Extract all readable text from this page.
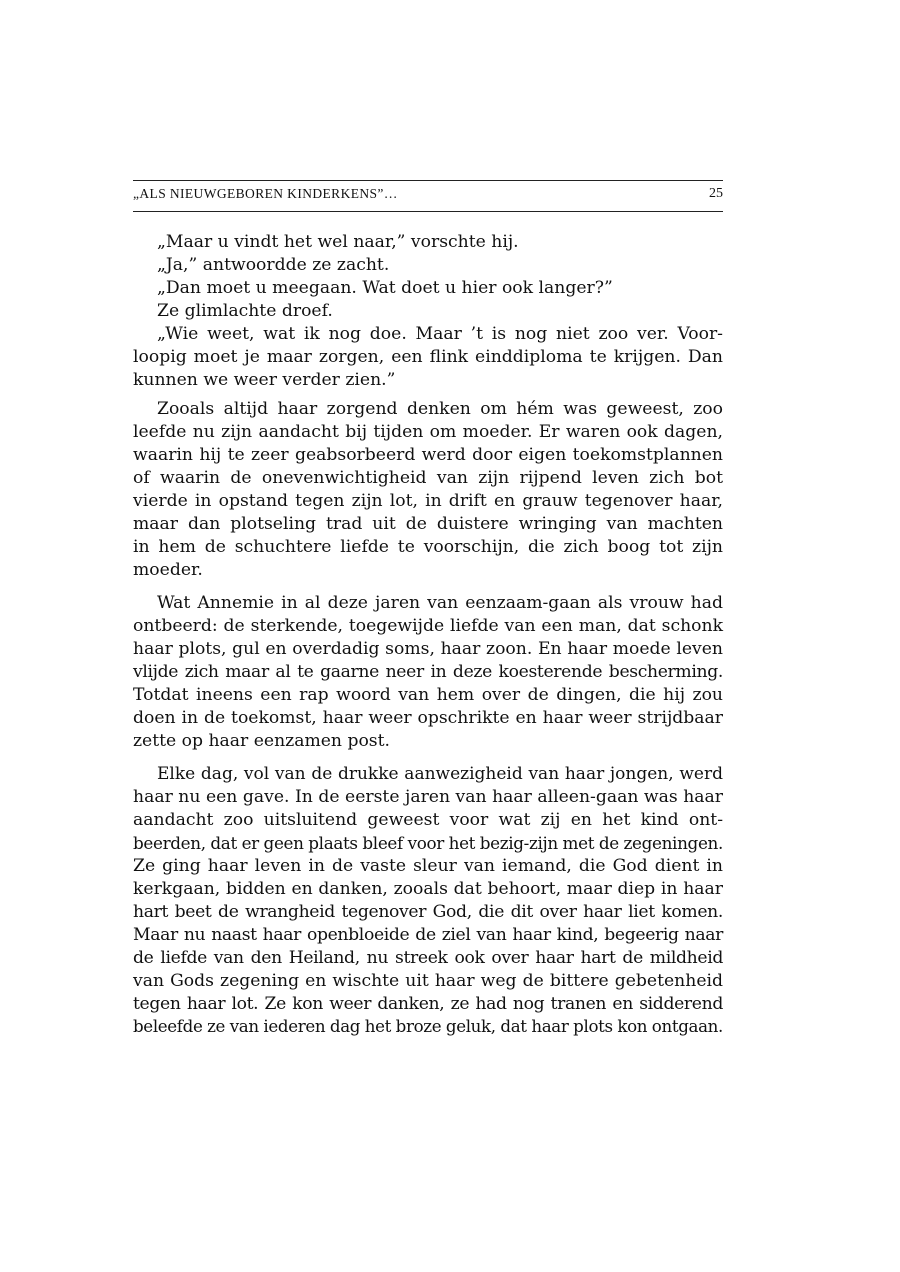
„ALS NIEUWGEBOREN KINDERKENS”…	25
„Maar u vindt het wel naar,” vorschte hij.
„Ja,” antwoordde ze zacht.
„Dan moet u meegaan. Wat doet u hier ook langer?”
Ze glimlachte droef.
„Wie weet, wat ik nog doe. Maar ’t is nog niet zoo ver. Voor-
loopig moet je maar zorgen, een flink einddiploma te krijgen. Dan
kunnen we weer verder zien.”
Zooals altijd haar zorgend denken om hém was geweest, zoo
leefde nu zijn aandacht bij tijden om moeder. Er waren ook dagen,
waarin hij te zeer geabsorbeerd werd door eigen toekomstplannen
of waarin de onevenwichtigheid van zijn rijpend leven zich bot
vierde in opstand tegen zijn lot, in drift en grauw tegenover haar,
maar dan plotseling trad uit de duistere wringing van machten
in hem de schuchtere liefde te voorschijn, die zich boog tot zijn
moeder.
Wat Annemie in al deze jaren van eenzaam-gaan als vrouw had
ontbeerd: de sterkende, toegewijde liefde van een man, dat schonk
haar plots, gul en overdadig soms, haar zoon. En haar moede leven
vlijde zich maar al te gaarne neer in deze koesterende bescherming.
Totdat ineens een rap woord van hem over de dingen, die hij zou
doen in de toekomst, haar weer opschrikte en haar weer strijdbaar
zette op haar eenzamen post.
Elke dag, vol van de drukke aanwezigheid van haar jongen, werd
haar nu een gave. In de eerste jaren van haar alleen-gaan was haar
aandacht zoo uitsluitend geweest voor wat zij en het kind ont-
beerden, dat er geen plaats bleef voor het bezig-zijn met de zegeningen.
Ze ging haar leven in de vaste sleur van iemand, die God dient in
kerkgaan, bidden en danken, zooals dat behoort, maar diep in haar
hart beet de wrangheid tegenover God, die dit over haar liet komen.
Maar nu naast haar openbloeide de ziel van haar kind, begeerig naar
de liefde van den Heiland, nu streek ook over haar hart de mildheid
van Gods zegening en wischte uit haar weg de bittere gebetenheid
tegen haar lot. Ze kon weer danken, ze had nog tranen en sidderend
beleefde ze van iederen dag het broze geluk, dat haar plots kon ontgaan.
